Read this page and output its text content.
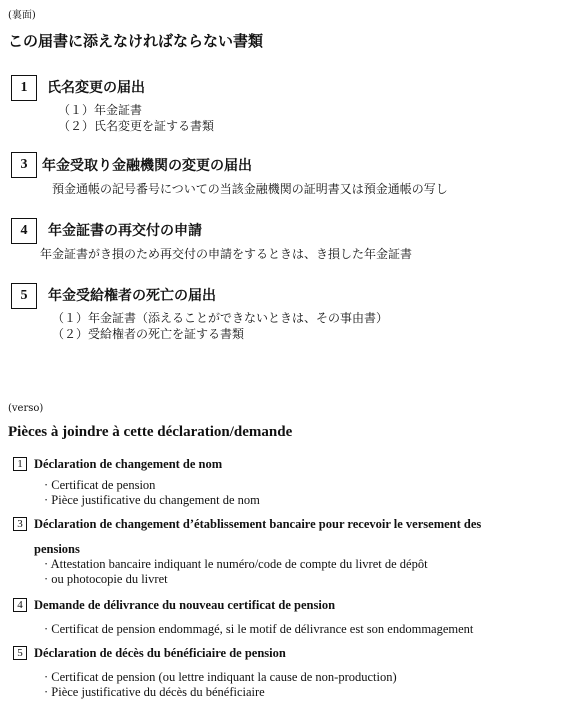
(裏面)
この届書に添えなければならない書類
1	氏名変更の届出
（１）年金証書
（２）氏名変更を証する書類
3	年金受取り金融機関の変更の届出
預金通帳の記号番号についての当該金融機関の証明書又は預金通帳の写し
4	年金証書の再交付の申請
年金証書がき損のため再交付の申請をするときは、き損した年金証書
5	年金受給権者の死亡の届出
（１）年金証書（添えることができないときは、その事由書）
（２）受給権者の死亡を証する書類
(verso)
Pièces à joindre à cette déclaration/demande
1 Déclaration de changement de nom
· Certificat de pension
· Pièce justificative du changement de nom
3 Déclaration de changement d’établissement bancaire pour recevoir le versement des
pensions
· Attestation bancaire indiquant le numéro/code de compte du livret de dépôt
· ou photocopie du livret
4 Demande de délivrance du nouveau certificat de pension
· Certificat de pension endommagé, si le motif de délivrance est son endommagement
5 Déclaration de décès du bénéficiaire de pension
· Certificat de pension (ou lettre indiquant la cause de non-production)
· Pièce justificative du décès du bénéficiaire
